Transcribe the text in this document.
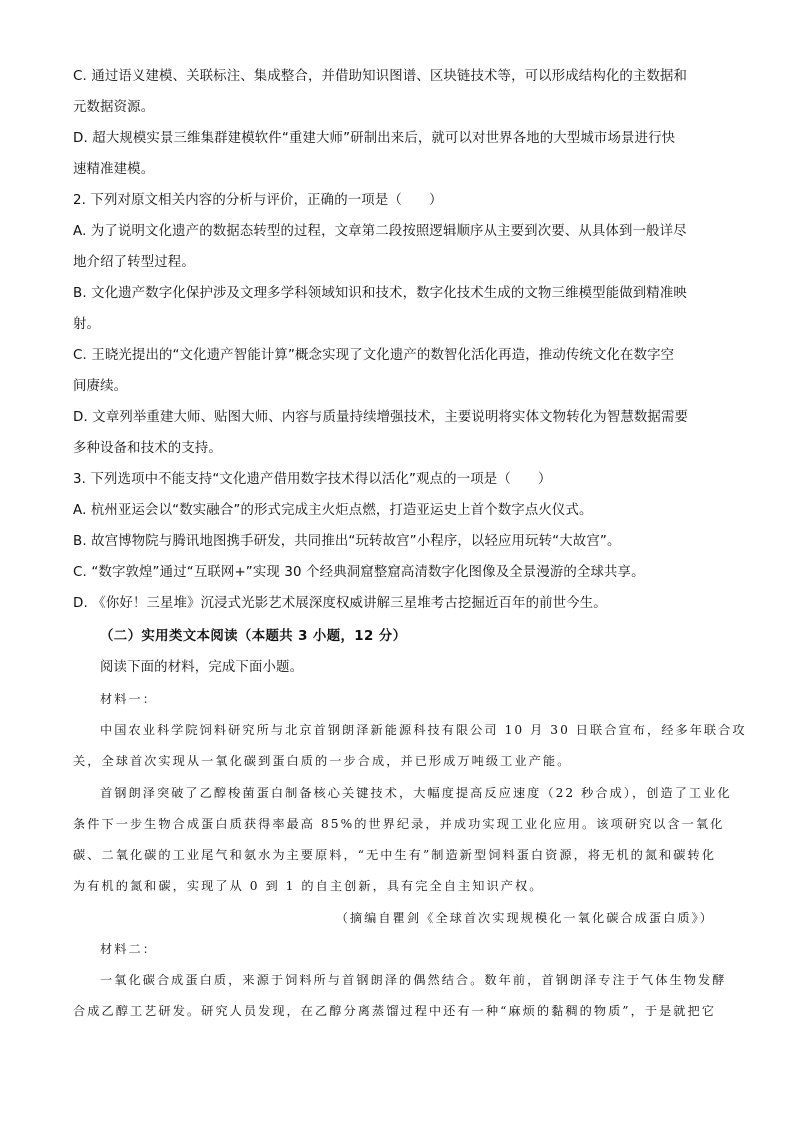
C. 通过语义建模、关联标注、集成整合，并借助知识图谱、区块链技术等，可以形成结构化的主数据和
元数据资源。
D. 超大规模实景三维集群建模软件“重建大师”研制出来后，就可以对世界各地的大型城市场景进行快
速精准建模。
2. 下列对原文相关内容的分析与评价，正确的一项是（　　）
A. 为了说明文化遗产的数据态转型的过程，文章第二段按照逻辑顺序从主要到次要、从具体到一般详尽
地介绍了转型过程。
B. 文化遗产数字化保护涉及文理多学科领域知识和技术，数字化技术生成的文物三维模型能做到精准映
射。
C. 王晓光提出的“文化遗产智能计算”概念实现了文化遗产的数智化活化再造，推动传统文化在数字空
间赓续。
D. 文章列举重建大师、贴图大师、内容与质量持续增强技术，主要说明将实体文物转化为智慧数据需要
多种设备和技术的支持。
3. 下列选项中不能支持“文化遗产借用数字技术得以活化”观点的一项是（　　）
A. 杭州亚运会以“数实融合”的形式完成主火炬点燃，打造亚运史上首个数字点火仪式。
B. 故宫博物院与腾讯地图携手研发，共同推出“玩转故宫”小程序，以轻应用玩转“大故宫”。
C. “数字敦煌”通过“互联网+”实现 30 个经典洞窟整窟高清数字化图像及全景漫游的全球共享。
D. 《你好！三星堆》沉浸式光影艺术展深度权威讲解三星堆考古挖掘近百年的前世今生。
（二）实用类文本阅读（本题共 3 小题，12 分）
阅读下面的材料，完成下面小题。
材料一：
中国农业科学院饲料研究所与北京首钢朗泽新能源科技有限公司 10 月 30 日联合宣布，经多年联合攻
关，全球首次实现从一氧化碳到蛋白质的一步合成，并已形成万吨级工业产能。
首钢朗泽突破了乙醇梭菌蛋白制备核心关键技术，大幅度提高反应速度（22 秒合成），创造了工业化
条件下一步生物合成蛋白质获得率最高 85%的世界纪录，并成功实现工业化应用。该项研究以含一氧化
碳、二氧化碳的工业尾气和氨水为主要原料，“无中生有”制造新型饲料蛋白资源，将无机的氮和碳转化
为有机的氮和碳，实现了从 0 到 1 的自主创新，具有完全自主知识产权。
（摘编自瞿剑《全球首次实现规模化一氧化碳合成蛋白质》）
材料二：
一氧化碳合成蛋白质，来源于饲料所与首钢朗泽的偶然结合。数年前，首钢朗泽专注于气体生物发酵
合成乙醇工艺研发。研究人员发现，在乙醇分离蒸馏过程中还有一种“麻烦的黏稠的物质”，于是就把它
